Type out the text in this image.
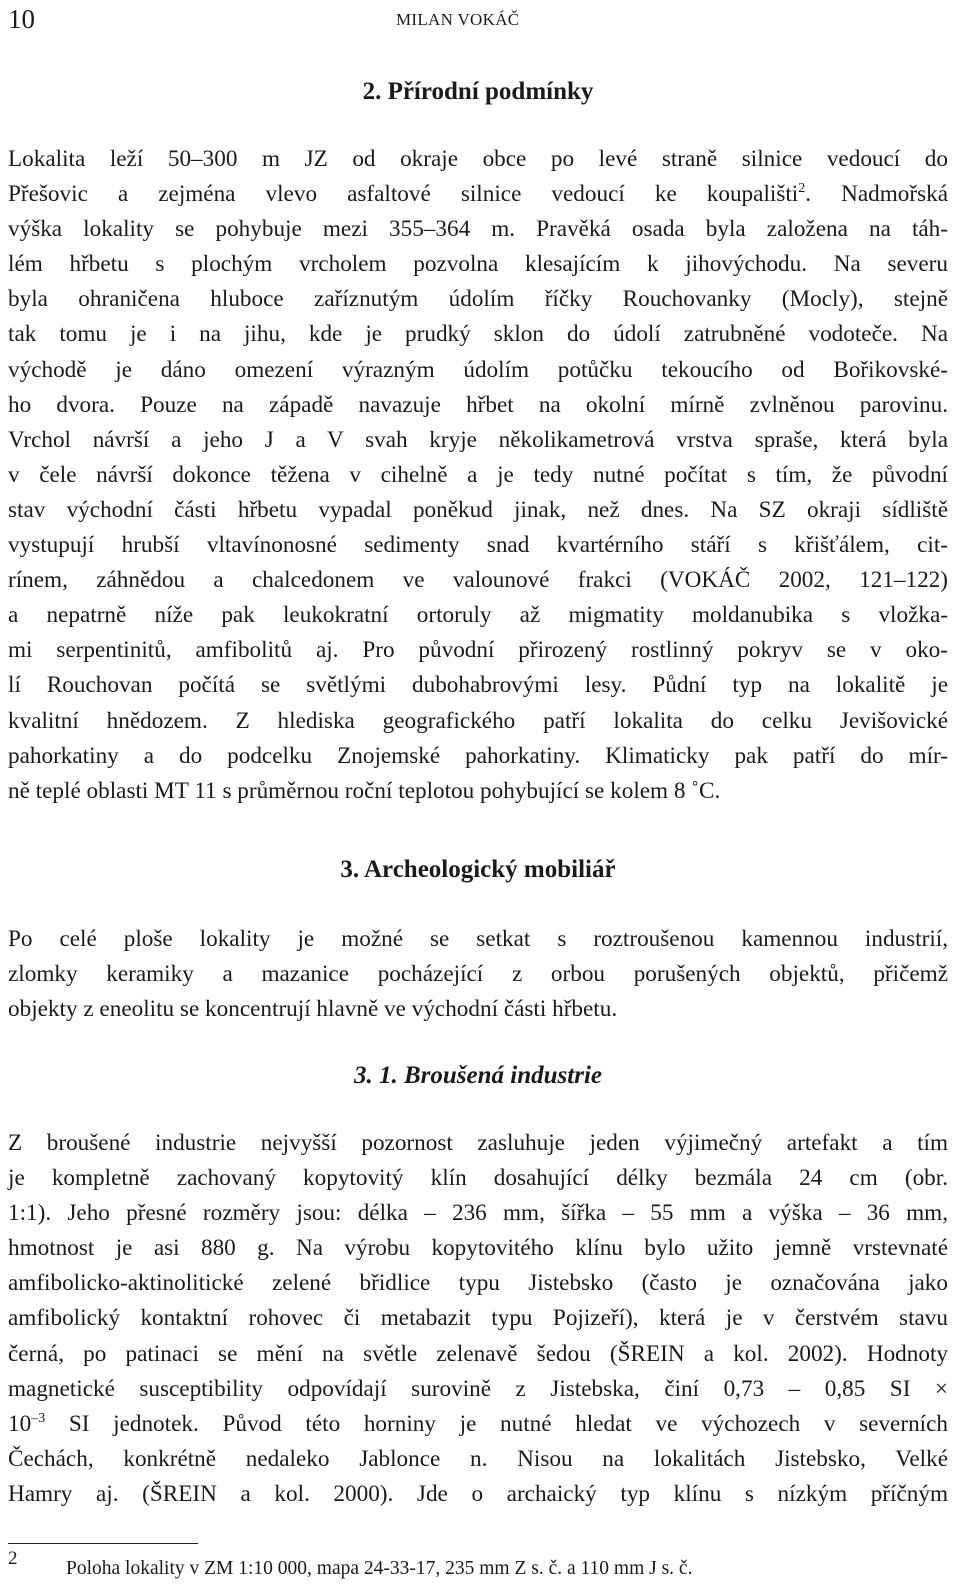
10	MILAN VOKÁČ
2. Přírodní podmínky
Lokalita leží 50–300 m JZ od okraje obce po levé straně silnice vedoucí do
Přešovic a zejména vlevo asfaltové silnice vedoucí ke koupališti$^2$. Nadmořská
výška lokality se pohybuje mezi 355–364 m. Pravěká osada byla založena na táh-
lém hřbetu s plochým vrcholem pozvolna klesajícím k jihovýchodu. Na severu
byla ohraničena hluboce zaříznutým údolím říčky Rouchovanky (Mocly), stejně
tak tomu je i na jihu, kde je prudký sklon do údolí zatrubněné vodoteče. Na
východě je dáno omezení výrazným údolím potůčku tekoucího od Bořikovské-
ho dvora. Pouze na západě navazuje hřbet na okolní mírně zvlněnou parovinu.
Vrchol návrší a jeho J a V svah kryje několikametrová vrstva spraše, která byla
v čele návrší dokonce těžena v cihelně a je tedy nutné počítat s tím, že původní
stav východní části hřbetu vypadal poněkud jinak, než dnes. Na SZ okraji sídliště
vystupují hrubší vltavínonosné sedimenty snad kvartérního stáří s křišťálem, cit-
rínem, záhnědou a chalcedonem ve valounové frakci (VOKÁČ 2002, 121–122)
a nepatrně níže pak leukokratní ortoruly až migmatity moldanubika s vložka-
mi serpentinitů, amfibolitů aj. Pro původní přirozený rostlinný pokryv se v oko-
lí Rouchovan počítá se světlými dubohabrovými lesy. Půdní typ na lokalitě je
kvalitní hnědozem. Z hlediska geografického patří lokalita do celku Jevišovické
pahorkatiny a do podcelku Znojemské pahorkatiny. Klimaticky pak patří do mír-
ně teplé oblasti MT 11 s průměrnou roční teplotou pohybující se kolem 8 ˚C.
3. Archeologický mobiliář
Po celé ploše lokality je možné se setkat s roztroušenou kamennou industrií,
zlomky keramiky a mazanice pocházející z orbou porušených objektů, přičemž
objekty z eneolitu se koncentrují hlavně ve východní části hřbetu.
3. 1. Broušená industrie
Z broušené industrie nejvyšší pozornost zasluhuje jeden výjimečný artefakt a tím
je kompletně zachovaný kopytovitý klín dosahující délky bezmála 24 cm (obr.
1:1). Jeho přesné rozměry jsou: délka – 236 mm, šířka – 55 mm a výška – 36 mm,
hmotnost je asi 880 g. Na výrobu kopytovitého klínu bylo užito jemně vrstevnaté
amfibolicko-aktinolitické zelené břidlice typu Jistebsko (často je označována jako
amfibolický kontaktní rohovec či metabazit typu Pojizeří), která je v čerstvém stavu
černá, po patinaci se mění na světle zelenavě šedou (ŠREIN a kol. 2002). Hodnoty
magnetické susceptibility odpovídají surovině z Jistebska, činí 0,73 – 0,85 SI ×
$10^{-3}$ SI jednotek. Původ této horniny je nutné hledat ve výchozech v severních
Čechách, konkrétně nedaleko Jablonce n. Nisou na lokalitách Jistebsko, Velké
Hamry aj. (ŠREIN a kol. 2000). Jde o archaický typ klínu s nízkým příčným
2 Poloha lokality v ZM 1:10 000, mapa 24-33-17, 235 mm Z s. č. a 110 mm J s. č.
